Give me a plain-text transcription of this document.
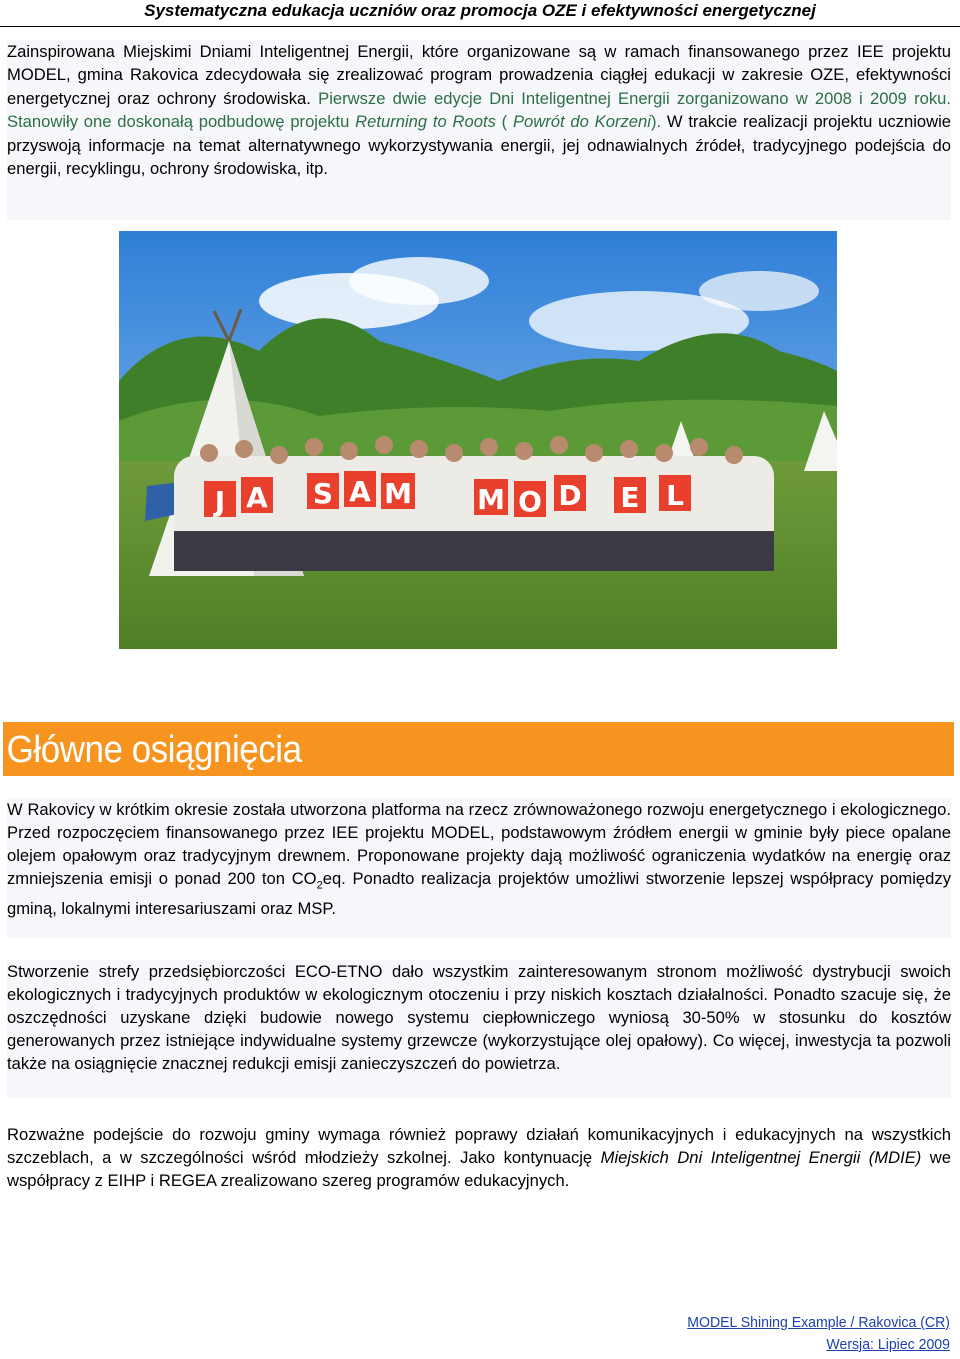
Systematyczna edukacja uczniów oraz promocja OZE i efektywności energetycznej

Zainspirowana Miejskimi Dniami Inteligentnej Energii, które organizowane są w ramach finansowanego przez IEE projektu MODEL, gmina Rakovica zdecydowała się zrealizować program prowadzenia ciągłej edukacji w zakresie OZE, efektywności energetycznej oraz ochrony środowiska. Pierwsze dwie edycje Dni Inteligentnej Energii zorganizowano w 2008 i 2009 roku. Stanowiły one doskonałą podbudowę projektu Returning to Roots ( Powrót do Korzeni). W trakcie realizacji projektu uczniowie przyswoją informacje na temat alternatywnego wykorzystywania energii, jej odnawialnych źródeł, tradycyjnego podejścia do energii, recyklingu, ochrony środowiska, itp.

J A S A M M O D E L
Główne osiągnięcia

W Rakovicy w krótkim okresie została utworzona platforma na rzecz zrównoważonego rozwoju energetycznego i ekologicznego. Przed rozpoczęciem finansowanego przez IEE projektu MODEL, podstawowym źródłem energii w gminie były piece opalane olejem opałowym oraz tradycyjnym drewnem. Proponowane projekty dają możliwość ograniczenia wydatków na energię oraz zmniejszenia emisji o ponad 200 ton $CO_2eq$. Ponadto realizacja projektów umożliwi stworzenie lepszej współpracy pomiędzy gminą, lokalnymi interesariuszami oraz MSP.

Stworzenie strefy przedsiębiorczości ECO-ETNO dało wszystkim zainteresowanym stronom możliwość dystrybucji swoich ekologicznych i tradycyjnych produktów w ekologicznym otoczeniu i przy niskich kosztach działalności. Ponadto szacuje się, że oszczędności uzyskane dzięki budowie nowego systemu ciepłowniczego wyniosą 30-50% w stosunku do kosztów generowanych przez istniejące indywidualne systemy grzewcze (wykorzystujące olej opałowy). Co więcej, inwestycja ta pozwoli także na osiągnięcie znacznej redukcji emisji zanieczyszczeń do powietrza.

Rozważne podejście do rozwoju gminy wymaga również poprawy działań komunikacyjnych i edukacyjnych na wszystkich szczeblach, a w szczególności wśród młodzieży szkolnej. Jako kontynuację Miejskich Dni Inteligentnej Energii (MDIE) we współpracy z EIHP i REGEA zrealizowano szereg programów edukacyjnych.

MODEL Shining Example / Rakovica (CR)
Wersja: Lipiec 2009
